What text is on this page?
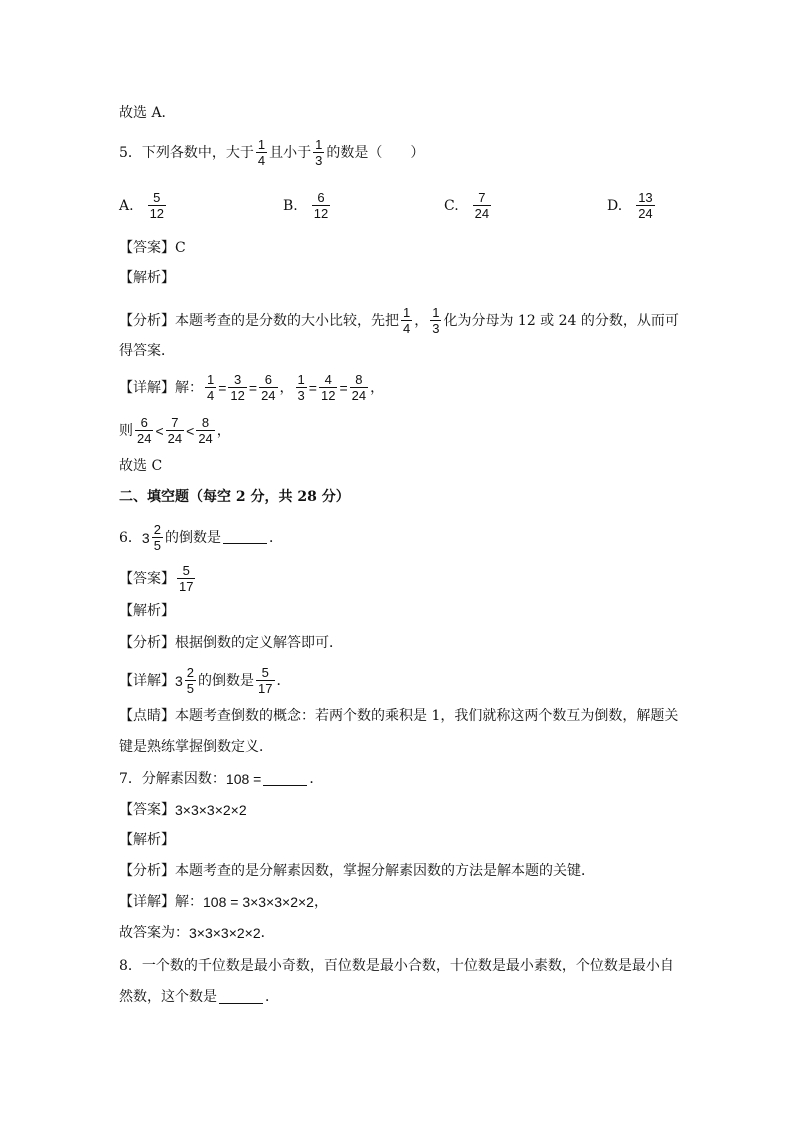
故选 A．
5．下列各数中，大于 $\frac{1}{4}$ 且小于 $\frac{1}{3}$ 的数是（　　）
A. $\frac{5}{12}$	B. $\frac{6}{12}$	C. $\frac{7}{24}$	D. $\frac{13}{24}$
【答案】C
【解析】
【分析】本题考查的是分数的大小比较，先把 $\frac{1}{4}$ ， $\frac{1}{3}$ 化为分母为 12 或 24 的分数，从而可
得答案．
【详解】解： $\frac{1}{4} = \frac{3}{12} = \frac{6}{24}$ ， $\frac{1}{3} = \frac{4}{12} = \frac{8}{24}$ ，
则 $\frac{6}{24} < \frac{7}{24} < \frac{8}{24}$ ，
故选 C
二、填空题（每空 2 分，共 28 分）
6． $3 \frac{2}{5}$ 的倒数是	．
【答案】 $\frac{5}{17}$
【解析】
【分析】根据倒数的定义解答即可．
【详解】 $3 \frac{2}{5}$ 的倒数是 $\frac{5}{17}$ ．
【点睛】本题考查倒数的概念：若两个数的乘积是 1，我们就称这两个数互为倒数，解题关
键是熟练掌握倒数定义．
7．分解素因数： 108 =	．
【答案】 3×3×3×2×2
【解析】
【分析】本题考查的是分解素因数，掌握分解素因数的方法是解本题的关键．
【详解】解： 108 = 3×3×3×2×2 ，
故答案为： 3×3×3×2×2 ．
8．一个数的千位数是最小奇数，百位数是最小合数，十位数是最小素数，个位数是最小自
然数，这个数是	．
